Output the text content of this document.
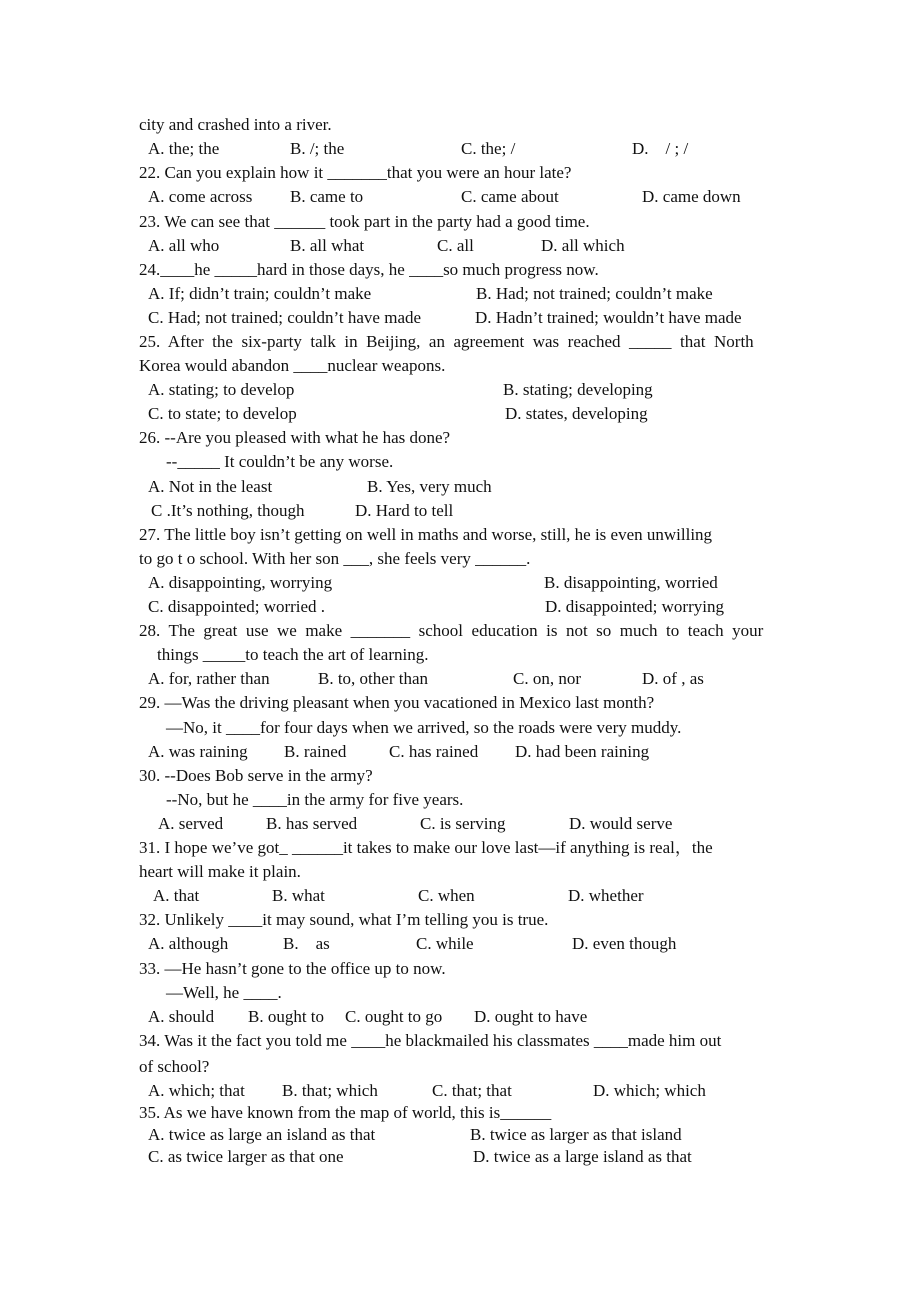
city and crashed into a river.
A. the; the	B. /; the	C. the; /	D.    / ; /
22. Can you explain how it _______that you were an hour late?
A. come across B. came to	C. came about	D. came down
23. We can see that ______ took part in the party had a good time.
A. all who	B. all what	C. all	D. all which
24.____he _____hard in those days, he ____so much progress now.
A. If; didn’t train; couldn’t make	B. Had; not trained; couldn’t make
C. Had; not trained; couldn’t have made	D. Hadn’t trained; wouldn’t have made
25.  After  the  six-party  talk  in  Beijing,  an  agreement  was  reached  _____  that  North
Korea would abandon ____nuclear weapons.
A. stating; to develop	B. stating; developing
C. to state; to develop	D. states, developing
26. --Are you pleased with what he has done?
--_____ It couldn’t be any worse.
A. Not in the least	B. Yes, very much
C .It’s nothing, though	D. Hard to tell
27. The little boy isn’t getting on well in maths and worse, still, he is even unwilling
to go t o school. With her son ___, she feels very ______.
A. disappointing, worrying	B. disappointing, worried
C. disappointed; worried .	D. disappointed; worrying
28.  The  great  use  we  make  _______  school  education  is  not  so  much  to  teach  your
things _____to teach the art of learning.
A. for, rather than	B. to, other than	C. on, nor	D. of , as
29. —Was the driving pleasant when you vacationed in Mexico last month?
—No, it ____for four days when we arrived, so the roads were very muddy.
A. was raining B. rained	C. has rained D. had been raining
30. --Does Bob serve in the army?
--No, but he ____in the army for five years.
A. served	B. has served	C. is serving	D. would serve
31. I hope we’ve got_ ______it takes to make our love last—if anything is real，the
heart will make it plain.
A. that	B. what	C. when	D. whether
32. Unlikely ____it may sound, what I’m telling you is true.
A. although	B.    as	C. while	D. even though
33. —He hasn’t gone to the office up to now.
—Well, he ____.
A. should B. ought to C. ought to go D. ought to have
34. Was it the fact you told me ____he blackmailed his classmates ____made him out
of school?
A. which; that B. that; which	C. that; that	D. which; which
35. As we have known from the map of world, this is______
A. twice as large an island as that	B. twice as larger as that island
C. as twice larger as that one	D. twice as a large island as that
